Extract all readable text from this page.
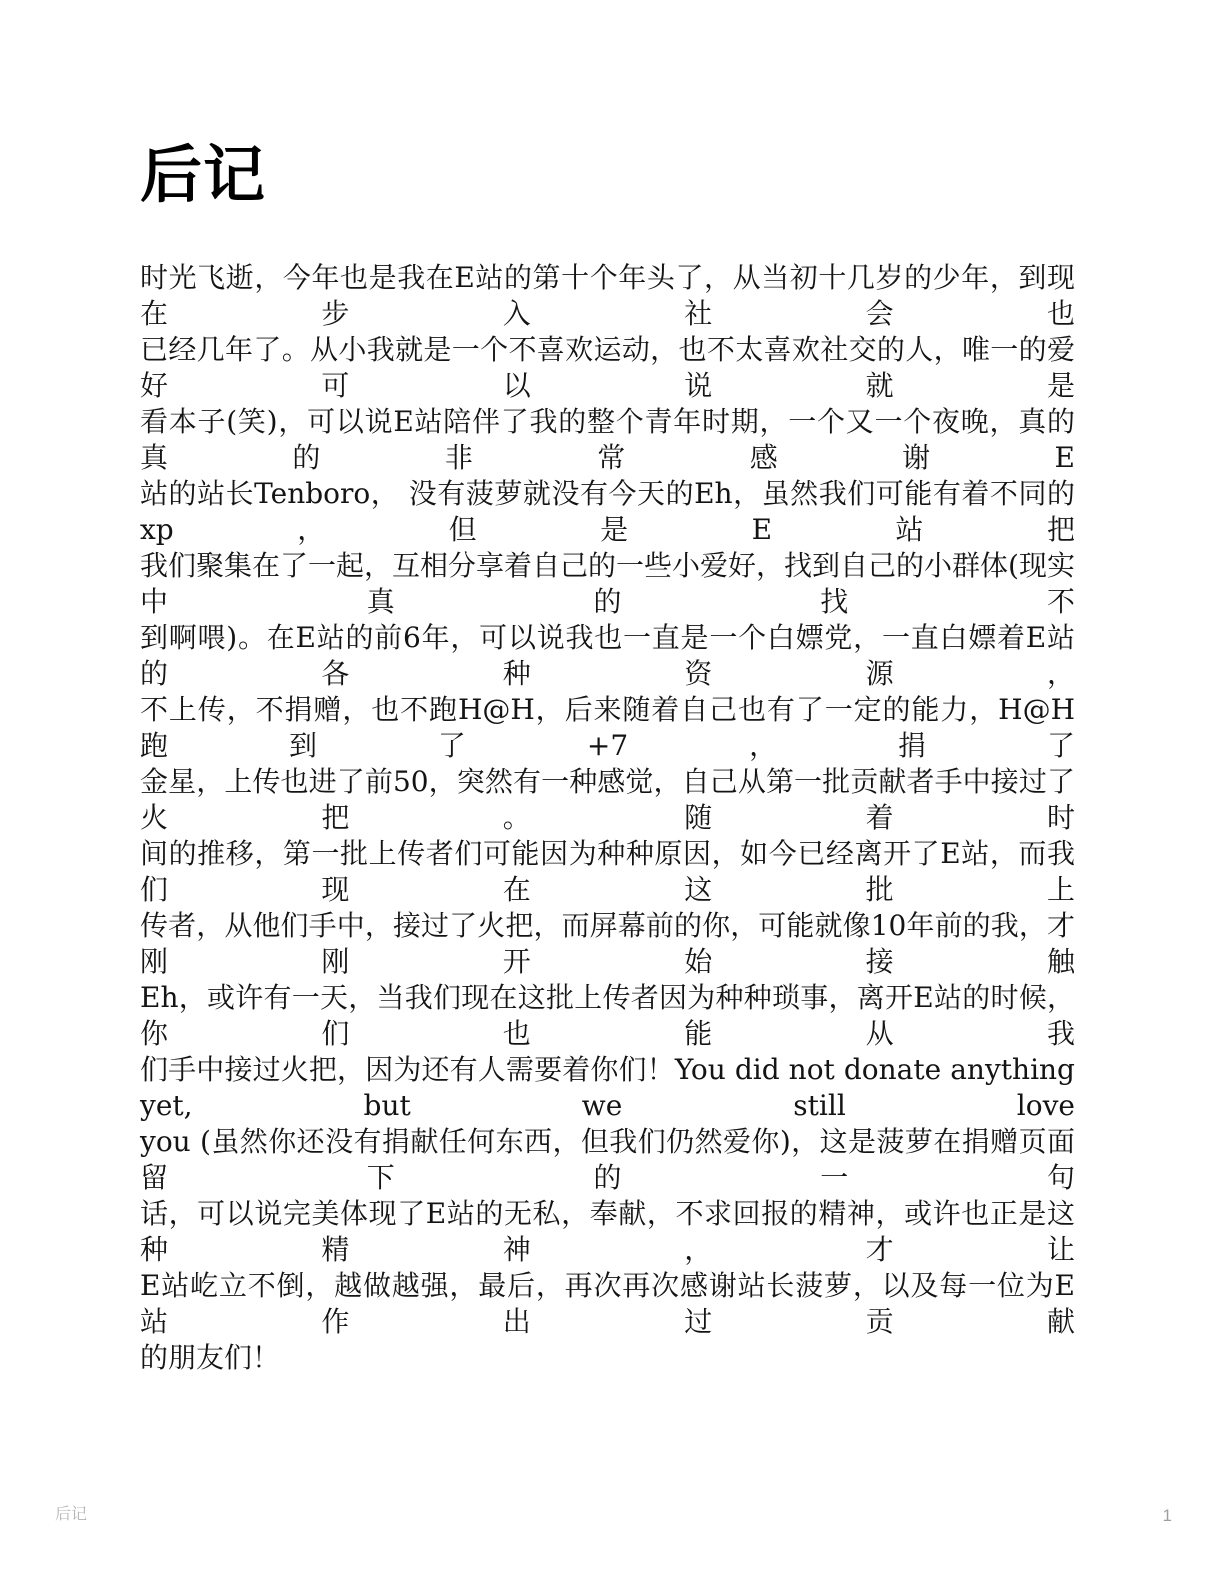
后记
时光飞逝，今年也是我在E站的第十个年头了，从当初十几岁的少年，到现在步入社会也
已经几年了。从小我就是一个不喜欢运动，也不太喜欢社交的人，唯一的爱好可以说就是
看本子(笑)，可以说E站陪伴了我的整个青年时期，一个又一个夜晚，真的真的非常感谢E
站的站长Tenboro， 没有菠萝就没有今天的Eh，虽然我们可能有着不同的xp，但是E站把
我们聚集在了一起，互相分享着自己的一些小爱好，找到自己的小群体(现实中真的找不
到啊喂)。在E站的前6年，可以说我也一直是一个白嫖党，一直白嫖着E站的各种资源，
不上传，不捐赠，也不跑H@H，后来随着自己也有了一定的能力，H@H跑到了+7，捐了
金星，上传也进了前50，突然有一种感觉，自己从第一批贡献者手中接过了火把。随着时
间的推移，第一批上传者们可能因为种种原因，如今已经离开了E站，而我们现在这批上
传者，从他们手中，接过了火把，而屏幕前的你，可能就像10年前的我，才刚刚开始接触
Eh，或许有一天，当我们现在这批上传者因为种种琐事，离开E站的时候，你们也能从我
们手中接过火把，因为还有人需要着你们！You did not donate anything yet, but we still love
you (虽然你还没有捐献任何东西，但我们仍然爱你)，这是菠萝在捐赠页面留下的一句
话，可以说完美体现了E站的无私，奉献，不求回报的精神，或许也正是这种精神，才让
E站屹立不倒，越做越强，最后，再次再次感谢站长菠萝，以及每一位为E站作出过贡献
的朋友们！
后记	1
